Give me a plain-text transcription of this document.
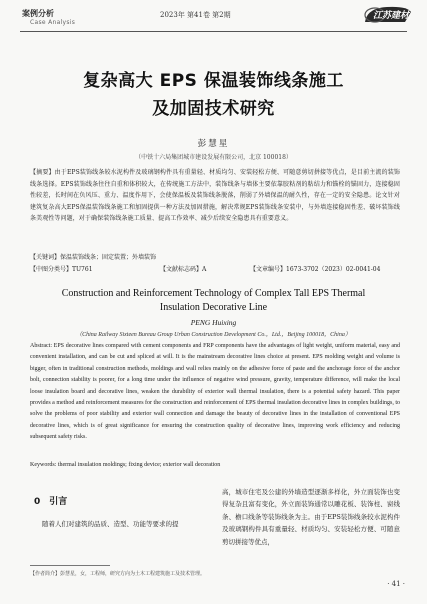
案例分析
Case Analysis
2023年 第41卷 第2期	江苏建材
复杂高大 EPS 保温装饰线条施工
及加固技术研究
彭慧星
（中铁十六局集团城市建设发展有限公司，北京 100018）
【摘要】由于EPS装饰线条较水泥构件及玻璃钢构件具有重量轻、材质均匀、安装轻松方便、可随意剪切拼接等优点，是目前主流的装饰线条选择。EPS装饰线条往往自重和体积较大，在传统施工方法中，装饰线条与墙体主要依靠胶粘剂的粘结力和锚栓的锚固力，连接稳固性较差，长时间在负风压、重力、温度作用下，会使保温板及装饰线条脱落，削弱了外墙保温的耐久性，存在一定的安全隐患。论文针对建筑复杂高大EPS保温装饰线条施工和加固提供一种方法及加固措施，解决常规EPS装饰线条安装中，与外墙连接稳固性差、破坏装饰线条美观性等问题，对于确保装饰线条施工质量、提高工作效率、减少后续安全隐患具有重要意义。
【关键词】保温装饰线条；固定装置；外墙装饰
【中图分类号】TU761	【文献标志码】A	【文章编号】1673-3702（2023）02-0041-04
Construction and Reinforcement Technology of Complex Tall EPS Thermal
Insulation Decorative Line
PENG Huixing
（China Railway Sixteen Bureau Group Urban Construction Development Co.，Ltd.，Beijing 100018，China）
Abstract: EPS decorative lines compared with cement components and FRP components have the advantages of light weight, uniform material, easy and convenient installation, and can be cut and spliced at will. It is the mainstream decorative lines choice at present. EPS molding weight and volume is bigger, often in traditional construction methods, moldings and wall relies mainly on the adhesive force of paste and the anchorage force of the anchor bolt, connection stability is poorer, for a long time under the influence of negative wind pressure, gravity, temperature difference, will make the local loose insulation board and decorative lines, weaken the durability of exterior wall thermal insulation, there is a potential safety hazard. This paper provides a method and reinforcement measures for the construction and reinforcement of EPS thermal insulation decorative lines in complex buildings, to solve the problems of poor stability and exterior wall connection and damage the beauty of decorative lines in the installation of conventional EPS decorative lines, which is of great significance for ensuring the construction quality of decorative lines, improving work efficiency and reducing subsequent safety risks.
Keywords: thermal insulation moldings; fixing device; exterior wall decoration
0　引言
随着人们对建筑的品质、造型、功能等要求的提
【作者简介】彭慧星，女，工程师，研究方向为土木工程建筑施工及技术管理。
高，城市住宅及公建的外墙造型逐渐多样化，外立面装饰也变得复杂且富有变化，外立面装饰通常以雕花板、装饰柱、窗线条、檐口线条等装饰线条为主。由于EPS装饰线条较水泥构件及玻璃钢构件具有重量轻、材质均匀、安装轻松方便、可随意剪切拼接等优点，
· 41 ·
